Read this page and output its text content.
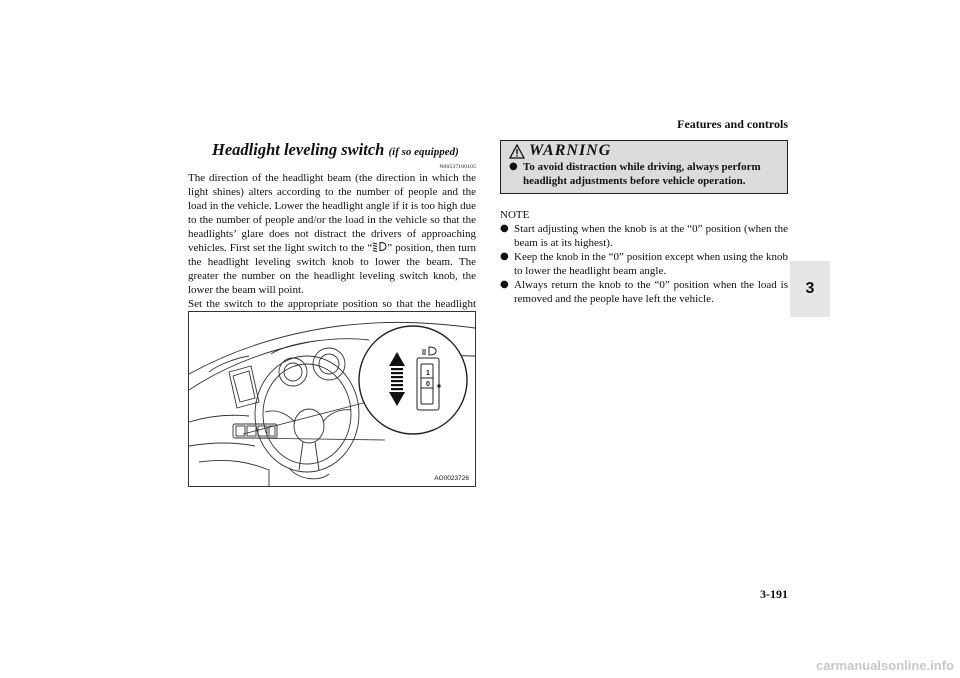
Features and controls
3
Headlight leveling switch (if so equipped)
N00537100105

The direction of the headlight beam (the direction in which the light shines) alters according to the number of people and the load in the vehicle. Lower the headlight angle if it is too high due to the number of people and/or the load in the vehicle so that the headlights’ glare does not distract the drivers of approaching vehicles. First set the light switch to the “ ” position, then turn the headlight leveling switch knob to lower the beam. The greater the number on the headlight leveling switch knob, the lower the beam will point.

Set the switch to the appropriate position so that the headlight

1
0
AG0023726
WARNING
● To avoid distraction while driving, always perform headlight adjustments before vehicle operation.
NOTE
● Start adjusting when the knob is at the “0” position (when the beam is at its highest).
● Keep the knob in the “0” position except when using the knob to lower the headlight beam angle.
● Always return the knob to the “0” position when the load is removed and the people have left the vehicle.
3-191
carmanualsonline.info
